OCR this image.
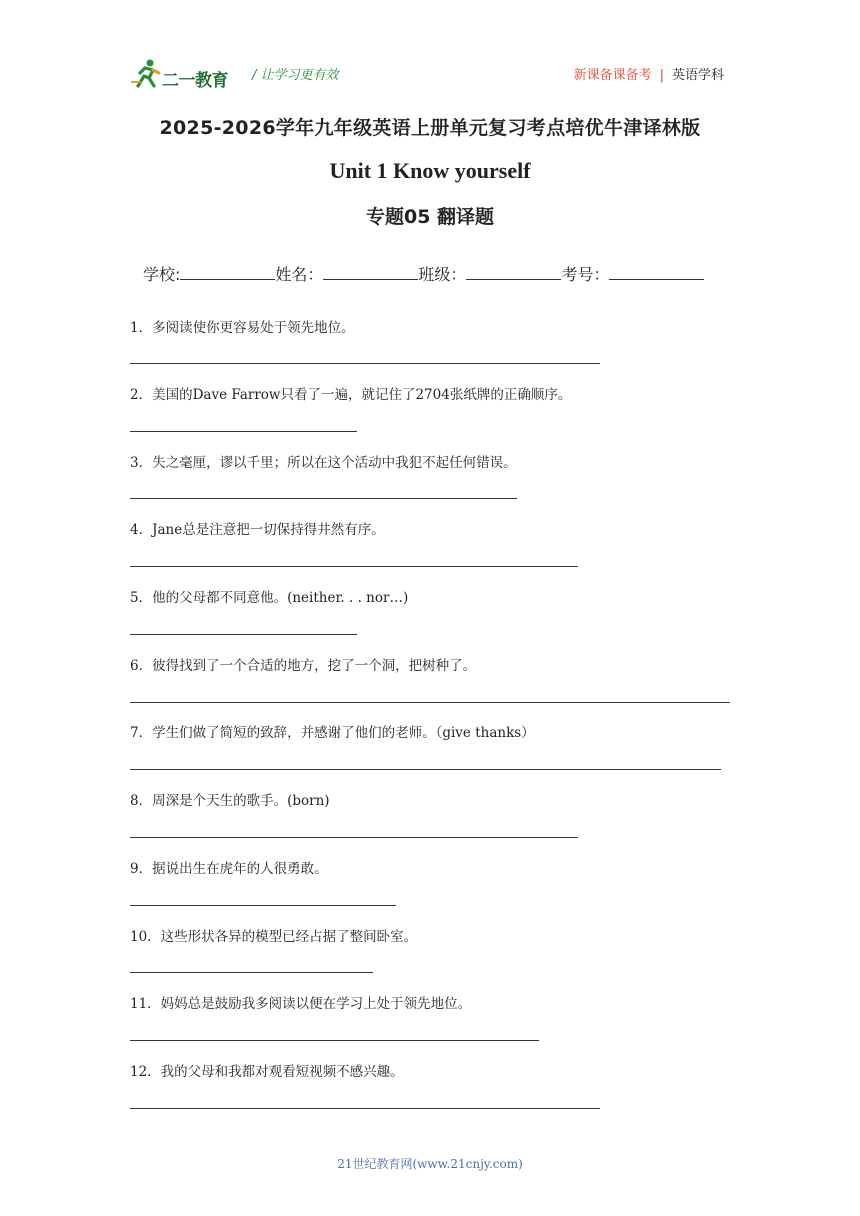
二一教育 / 让学习更有效	新课备课备考 | 英语学科
2025-2026学年九年级英语上册单元复习考点培优牛津译林版
Unit 1 Know yourself
专题05 翻译题
学校:	姓名：	班级：	考号：
1．多阅读使你更容易处于领先地位。
2．美国的Dave Farrow只看了一遍，就记住了2704张纸牌的正确顺序。
3．失之毫厘，谬以千里；所以在这个活动中我犯不起任何错误。
4．Jane总是注意把一切保持得井然有序。
5．他的父母都不同意他。(neither. . . nor…)
6．彼得找到了一个合适的地方，挖了一个洞，把树种了。
7．学生们做了简短的致辞，并感谢了他们的老师。（give thanks）
8．周深是个天生的歌手。(born)
9．据说出生在虎年的人很勇敢。
10．这些形状各异的模型已经占据了整间卧室。
11．妈妈总是鼓励我多阅读以便在学习上处于领先地位。
12．我的父母和我都对观看短视频不感兴趣。
21世纪教育网(www.21cnjy.com)
